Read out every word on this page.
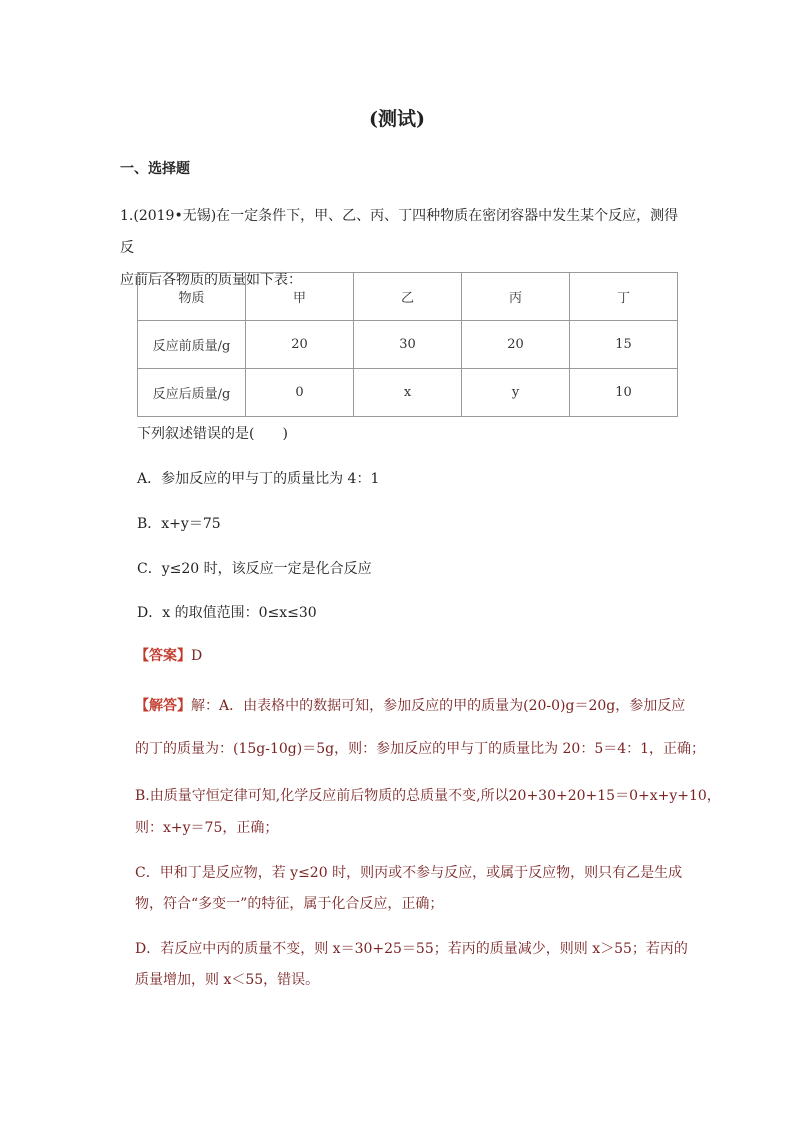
(测试)
一、选择题
1.(2019•无锡)在一定条件下，甲、乙、丙、丁四种物质在密闭容器中发生某个反应，测得反
应前后各物质的质量如下表：
物质	甲	乙	丙	丁
反应前质量/g	20	30	20	15
反应后质量/g	0	x	y	10
下列叙述错误的是(　　)
A．参加反应的甲与丁的质量比为 4：1
B．x+y＝75
C．y≤20 时，该反应一定是化合反应
D．x 的取值范围：0≤x≤30
【答案】D
【解答】解：A．由表格中的数据可知，参加反应的甲的质量为(20-0)g＝20g，参加反应
的丁的质量为：(15g-10g)＝5g，则：参加反应的甲与丁的质量比为 20：5＝4：1，正确；
B.由质量守恒定律可知,化学反应前后物质的总质量不变,所以20+30+20+15＝0+x+y+10，
则：x+y＝75，正确；
C．甲和丁是反应物，若 y≤20 时，则丙或不参与反应，或属于反应物，则只有乙是生成
物，符合“多变一”的特征，属于化合反应，正确；
D．若反应中丙的质量不变，则 x＝30+25＝55；若丙的质量减少，则则 x＞55；若丙的
质量增加，则 x＜55，错误。
